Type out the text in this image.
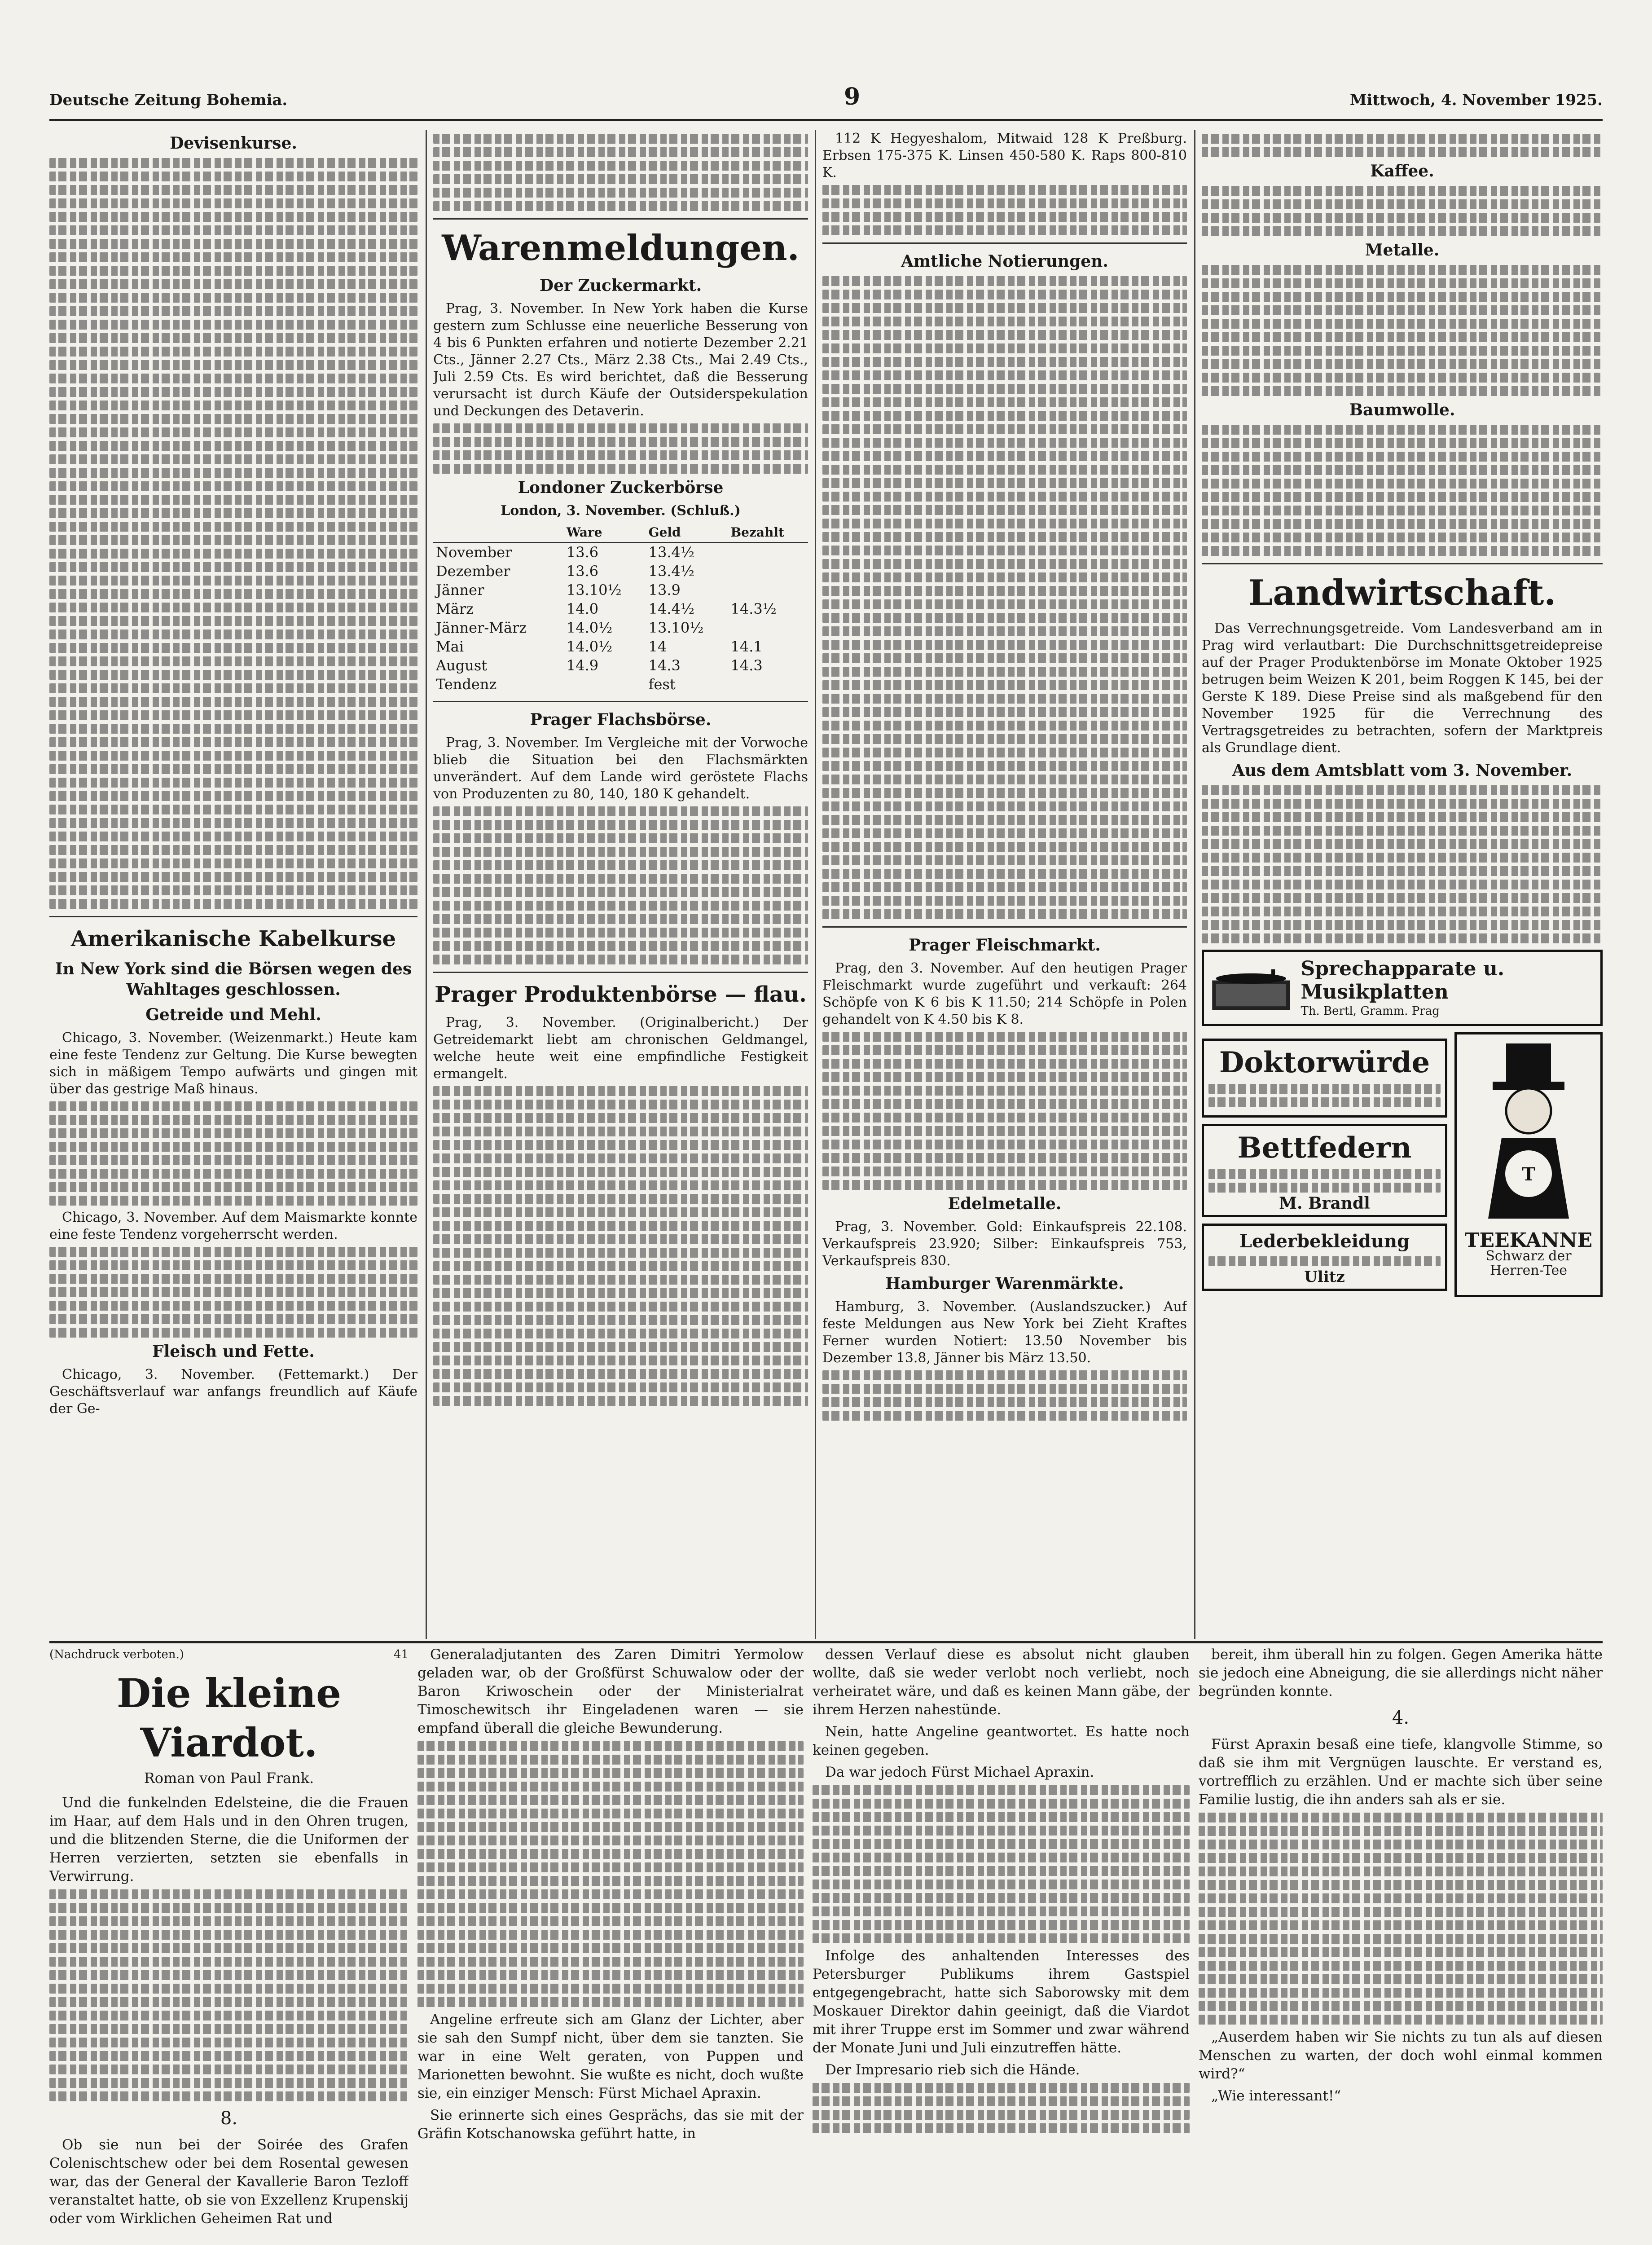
Deutsche Zeitung Bohemia.	9	Mittwoch, 4. November 1925.
Devisenkurse.
Amerikanische Kabelkurse
In New York sind die Börsen wegen des Wahltages geschlossen.
Getreide und Mehl.

Chicago, 3. November. (Weizenmarkt.) Heute kam eine feste Tendenz zur Geltung. Die Kurse bewegten sich in mäßigem Tempo aufwärts und gingen mit über das gestrige Maß hinaus.

Chicago, 3. November. Auf dem Maismarkte konnte eine feste Tendenz vorgeherrscht werden.

Fleisch und Fette.

Chicago, 3. November. (Fettemarkt.) Der Geschäftsverlauf war anfangs freundlich auf Käufe der Ge-

Warenmeldungen.
Der Zuckermarkt.

Prag, 3. November. In New York haben die Kurse gestern zum Schlusse eine neuerliche Besserung von 4 bis 6 Punkten erfahren und notierte Dezember 2.21 Cts., Jänner 2.27 Cts., März 2.38 Cts., Mai 2.49 Cts., Juli 2.59 Cts. Es wird berichtet, daß die Besserung verursacht ist durch Käufe der Outsiderspekulation und Deckungen des Detaverin.

Londoner Zuckerbörse
London, 3. November. (Schluß.)
	Ware	Geld	Bezahlt
November	13.6	13.4½	
Dezember	13.6	13.4½	
Jänner	13.10½	13.9	
März	14.0	14.4½	14.3½
Jänner-März	14.0½	13.10½	
Mai	14.0½	14	14.1
August	14.9	14.3	14.3
Tendenz		fest	
Prager Flachsbörse.

Prag, 3. November. Im Vergleiche mit der Vorwoche blieb die Situation bei den Flachsmärkten unverändert. Auf dem Lande wird geröstete Flachs von Produzenten zu 80, 140, 180 K gehandelt.

Prager Produktenbörse — flau.

Prag, 3. November. (Originalbericht.) Der Getreidemarkt liebt am chronischen Geldmangel, welche heute weit eine empfindliche Festigkeit ermangelt.

112 K Hegyeshalom, Mitwaid 128 K Preßburg. Erbsen 175-375 K. Linsen 450-580 K. Raps 800-810 K.

Amtliche Notierungen.
Prager Fleischmarkt.

Prag, den 3. November. Auf den heutigen Prager Fleischmarkt wurde zugeführt und verkauft: 264 Schöpfe von K 6 bis K 11.50; 214 Schöpfe in Polen gehandelt von K 4.50 bis K 8.

Edelmetalle.

Prag, 3. November. Gold: Einkaufspreis 22.108. Verkaufspreis 23.920; Silber: Einkaufspreis 753, Verkaufspreis 830.

Hamburger Warenmärkte.

Hamburg, 3. November. (Auslandszucker.) Auf feste Meldungen aus New York bei Zieht Kraftes Ferner wurden Notiert: 13.50 November bis Dezember 13.8, Jänner bis März 13.50.

Kaffee.
Metalle.
Baumwolle.
Landwirtschaft.

Das Verrechnungsgetreide. Vom Landesverband am in Prag wird verlautbart: Die Durchschnittsgetreidepreise auf der Prager Produktenbörse im Monate Oktober 1925 betrugen beim Weizen K 201, beim Roggen K 145, bei der Gerste K 189. Diese Preise sind als maßgebend für den November 1925 für die Verrechnung des Vertragsgetreides zu betrachten, sofern der Marktpreis als Grundlage dient.

Aus dem Amtsblatt vom 3. November.
Sprechapparate u. Musikplatten
Th. Bertl, Gramm. Prag
Doktorwürde
Bettfedern
M. Brandl
Lederbekleidung
Ulitz
T
TEEKANNE
Schwarz der Herren-Tee
(Nachdruck verboten.)	41
Die kleine Viardot.
Roman von Paul Frank.

Und die funkelnden Edelsteine, die die Frauen im Haar, auf dem Hals und in den Ohren trugen, und die blitzenden Sterne, die die Uniformen der Herren verzierten, setzten sie ebenfalls in Verwirrung.

8.

Ob sie nun bei der Soirée des Grafen Colenischtschew oder bei dem Rosental gewesen war, das der General der Kavallerie Baron Tezloff veranstaltet hatte, ob sie von Exzellenz Krupenskij oder vom Wirklichen Geheimen Rat und

Generaladjutanten des Zaren Dimitri Yermolow geladen war, ob der Großfürst Schuwalow oder der Baron Kriwoschein oder der Ministerialrat Timoschewitsch ihr Eingeladenen waren — sie empfand überall die gleiche Bewunderung.

Angeline erfreute sich am Glanz der Lichter, aber sie sah den Sumpf nicht, über dem sie tanzten. Sie war in eine Welt geraten, von Puppen und Marionetten bewohnt. Sie wußte es nicht, doch wußte sie, ein einziger Mensch: Fürst Michael Apraxin.

Sie erinnerte sich eines Gesprächs, das sie mit der Gräfin Kotschanowska geführt hatte, in

dessen Verlauf diese es absolut nicht glauben wollte, daß sie weder verlobt noch verliebt, noch verheiratet wäre, und daß es keinen Mann gäbe, der ihrem Herzen nahestünde.

Nein, hatte Angeline geantwortet. Es hatte noch keinen gegeben.

Da war jedoch Fürst Michael Apraxin.

Infolge des anhaltenden Interesses des Petersburger Publikums ihrem Gastspiel entgegengebracht, hatte sich Saborowsky mit dem Moskauer Direktor dahin geeinigt, daß die Viardot mit ihrer Truppe erst im Sommer und zwar während der Monate Juni und Juli einzutreffen hätte.

Der Impresario rieb sich die Hände.

bereit, ihm überall hin zu folgen. Gegen Amerika hätte sie jedoch eine Abneigung, die sie allerdings nicht näher begründen konnte.

4.

Fürst Apraxin besaß eine tiefe, klangvolle Stimme, so daß sie ihm mit Vergnügen lauschte. Er verstand es, vortrefflich zu erzählen. Und er machte sich über seine Familie lustig, die ihn anders sah als er sie.

„Auserdem haben wir Sie nichts zu tun als auf diesen Menschen zu warten, der doch wohl einmal kommen wird?“

„Wie interessant!“
